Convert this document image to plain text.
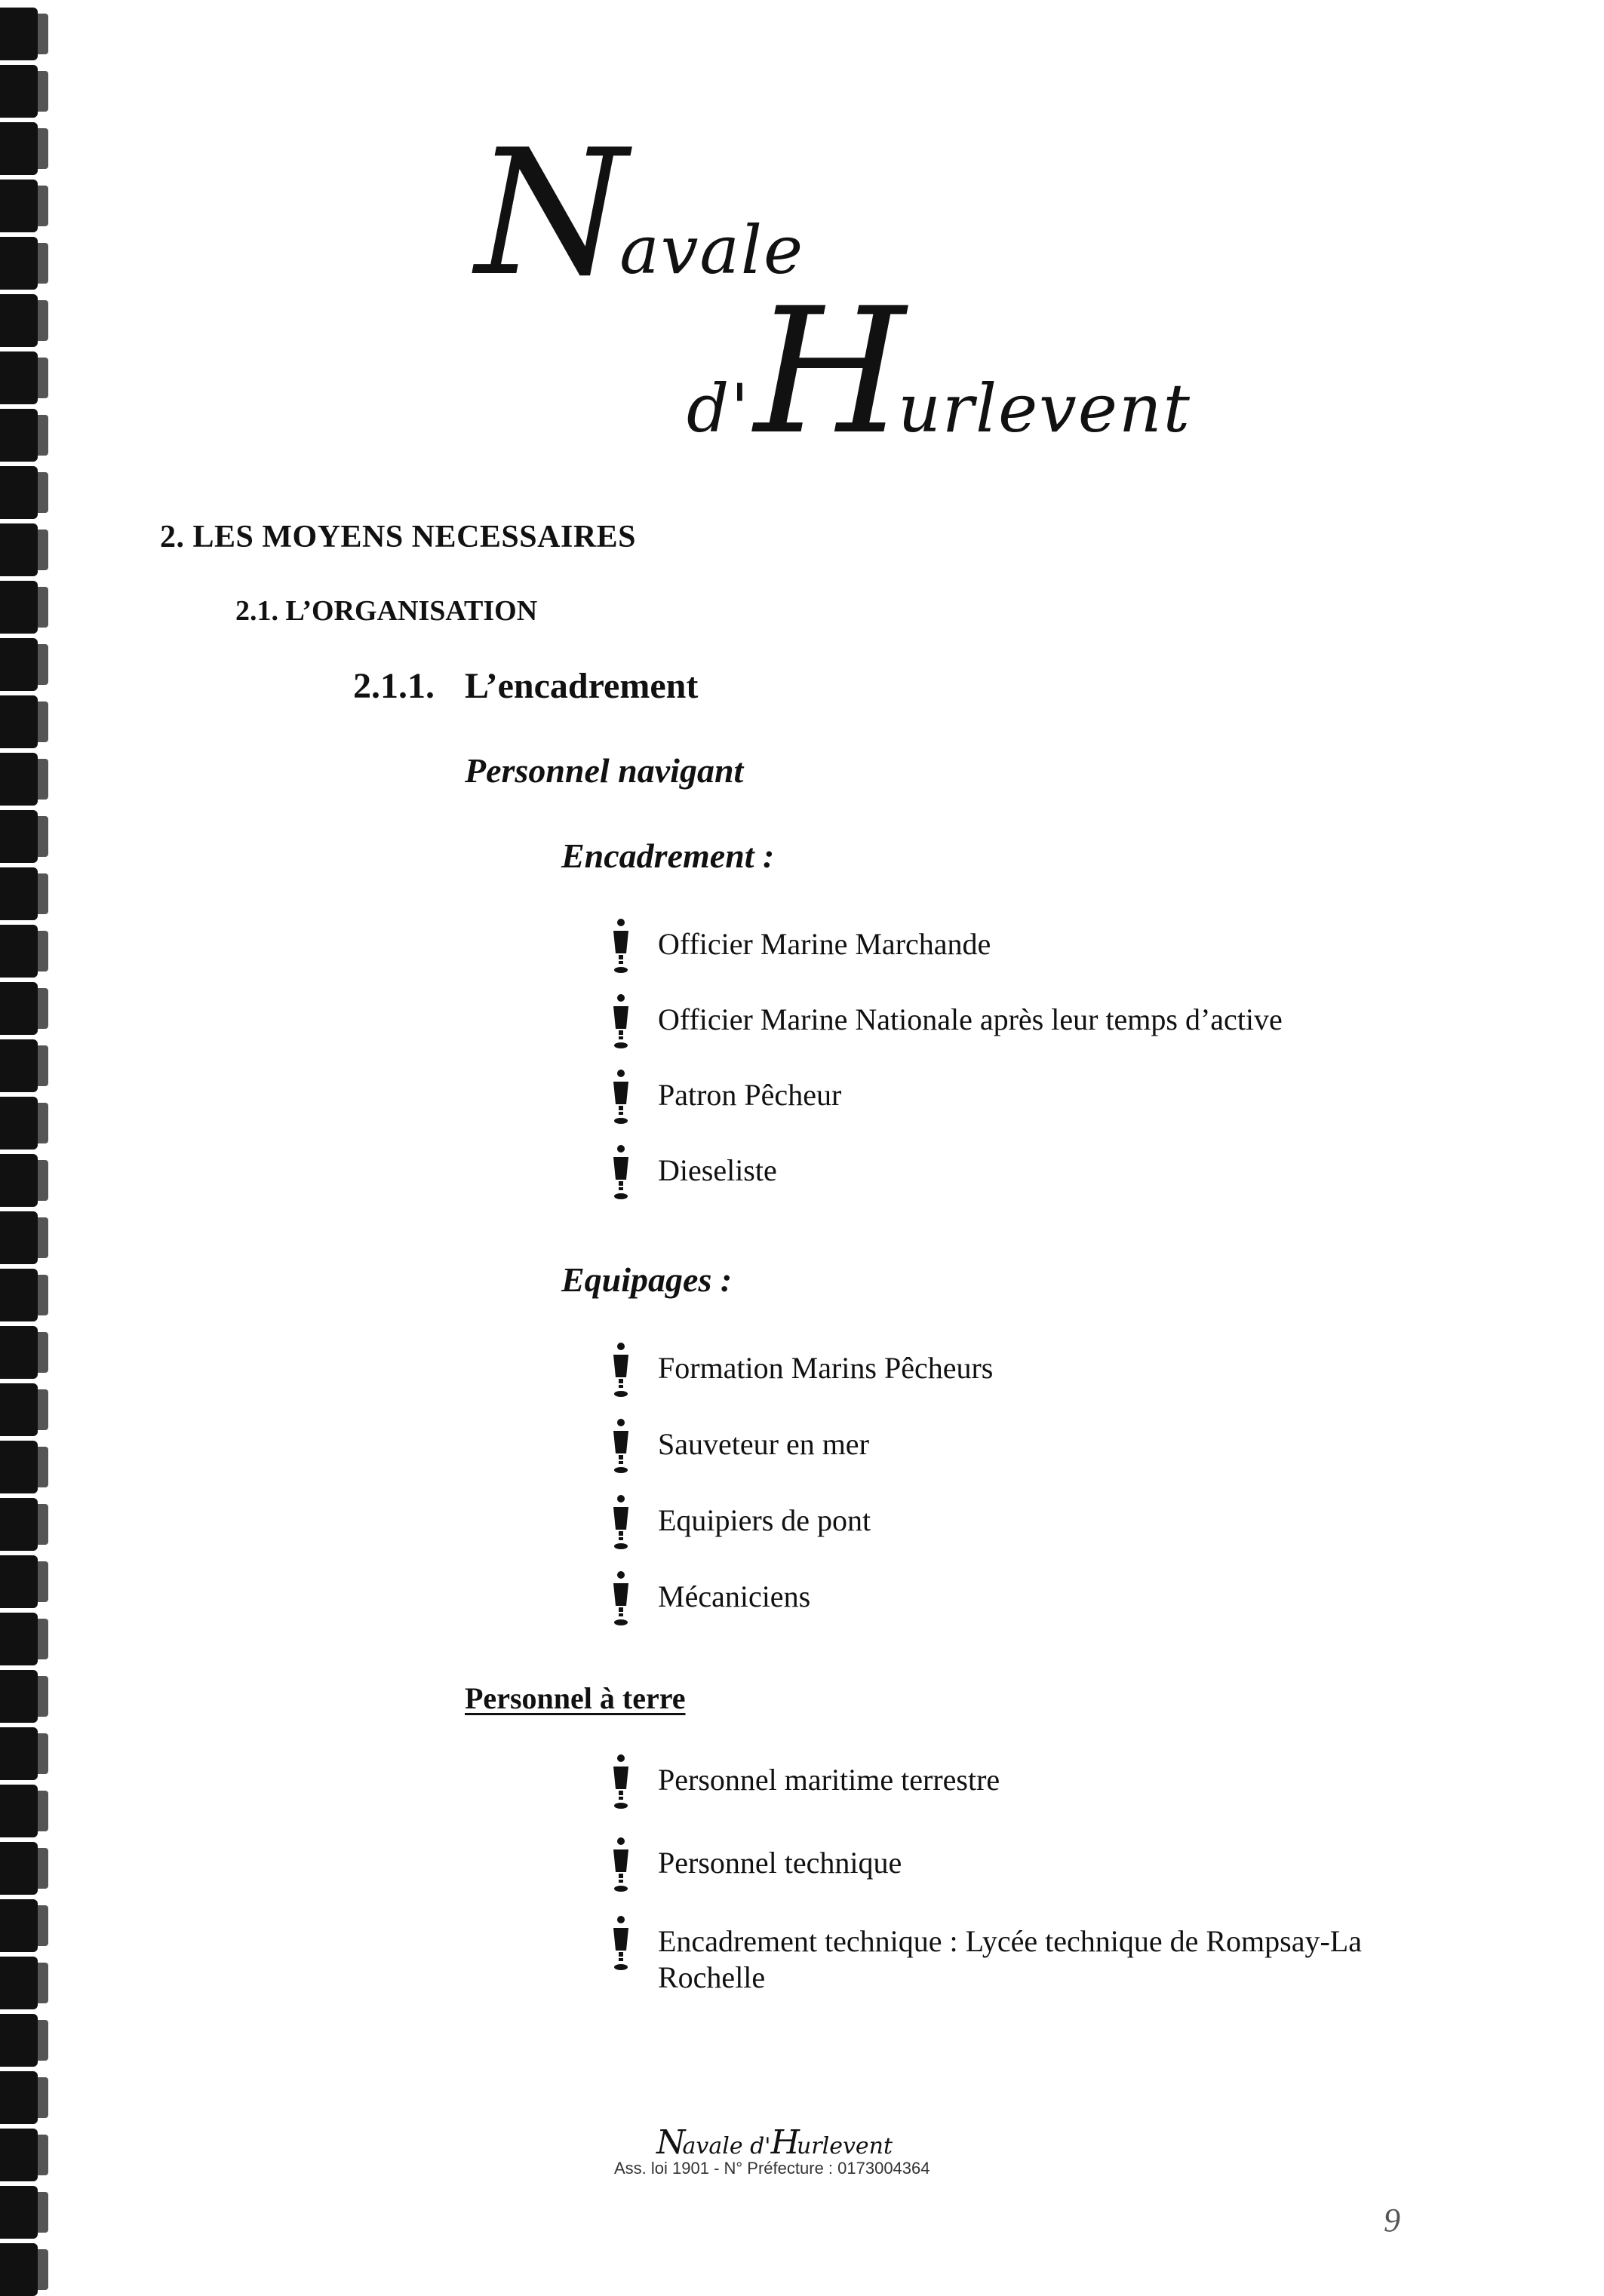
Navale
d' Hurlevent
2. LES MOYENS NECESSAIRES
2.1. L’ORGANISATION
2.1.1. L’encadrement
Personnel navigant
Encadrement :
Officier Marine Marchande
Officier Marine Nationale après leur temps d’active
Patron Pêcheur
Dieseliste
Equipages :
Formation Marins Pêcheurs
Sauveteur en mer
Equipiers de pont
Mécaniciens
Personnel à terre
Personnel maritime terrestre
Personnel technique
Encadrement technique : Lycée technique de Rompsay-La Rochelle
Navale d'Hurlevent
Ass. loi 1901 - N° Préfecture : 0173004364
9
